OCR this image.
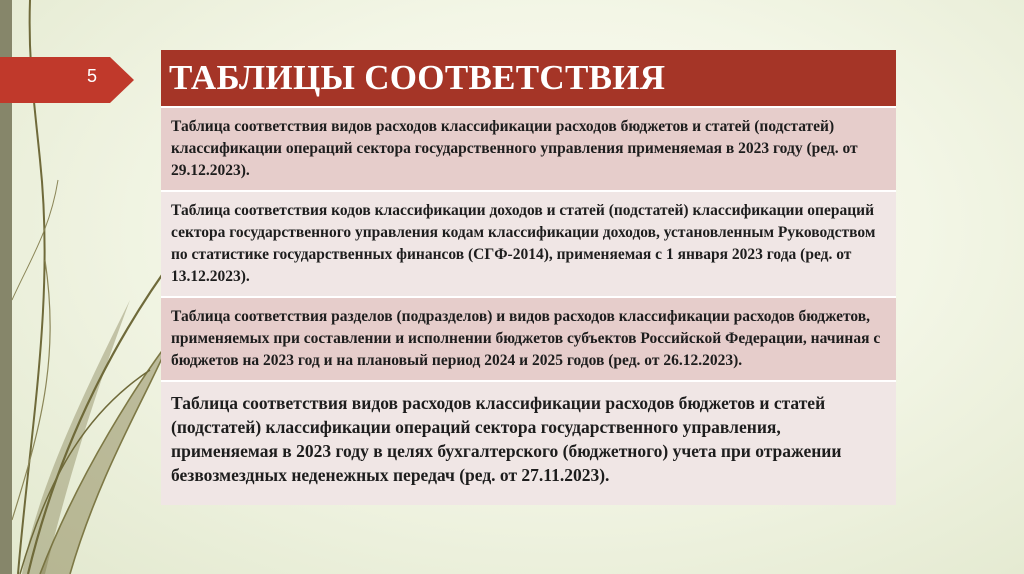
5	ТАБЛИЦЫ СООТВЕТСТВИЯ
Таблица соответствия видов расходов классификации расходов бюджетов и статей (подстатей) классификации операций сектора государственного управления применяемая в 2023 году (ред. от 29.12.2023).
Таблица соответствия кодов классификации доходов и статей (подстатей) классификации операций сектора государственного управления кодам классификации доходов, установленным Руководством по статистике государственных финансов (СГФ-2014), применяемая с 1 января 2023 года (ред. от 13.12.2023).
Таблица соответствия разделов (подразделов) и видов расходов классификации расходов бюджетов, применяемых при составлении и исполнении бюджетов субъектов Российской Федерации, начиная с бюджетов на 2023 год и на плановый период 2024 и 2025 годов (ред. от 26.12.2023).
Таблица соответствия видов расходов классификации расходов бюджетов и статей (подстатей) классификации операций сектора государственного управления, применяемая в 2023 году в целях бухгалтерского (бюджетного) учета при отражении безвозмездных неденежных передач (ред. от 27.11.2023).
